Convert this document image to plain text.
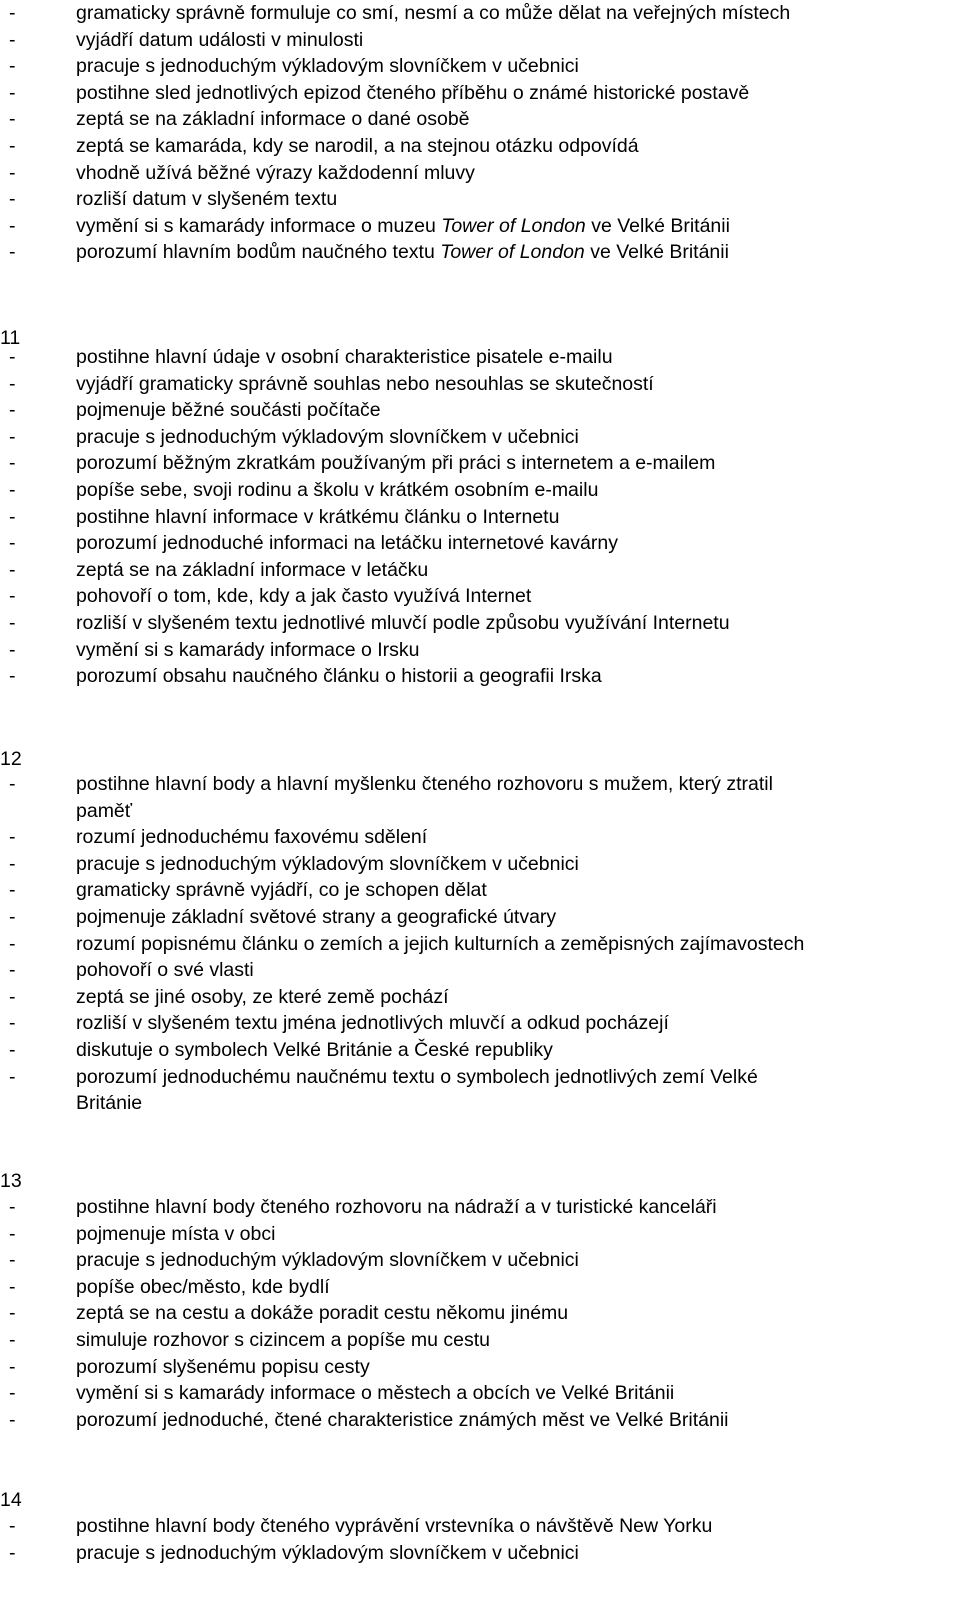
-	gramaticky správně formuluje co smí, nesmí a co může dělat na veřejných místech
-	vyjádří datum události v minulosti
-	pracuje s jednoduchým výkladovým slovníčkem v učebnici
-	postihne sled jednotlivých epizod čteného příběhu o známé historické postavě
-	zeptá se na základní informace o dané osobě
-	zeptá se kamaráda, kdy se narodil, a na stejnou otázku odpovídá
-	vhodně užívá běžné výrazy každodenní mluvy
-	rozliší datum v slyšeném textu
-	vymění si s kamarády informace o muzeu Tower of London ve Velké Británii
-	porozumí hlavním bodům naučného textu Tower of London ve Velké Británii
11
-	postihne hlavní údaje v osobní charakteristice pisatele e-mailu
-	vyjádří gramaticky správně souhlas nebo nesouhlas se skutečností
-	pojmenuje běžné součásti počítače
-	pracuje s jednoduchým výkladovým slovníčkem v učebnici
-	porozumí běžným zkratkám používaným při práci s internetem a e-mailem
-	popíše sebe, svoji rodinu a školu v krátkém osobním e-mailu
-	postihne hlavní informace v krátkému článku o Internetu
-	porozumí jednoduché informaci na letáčku internetové kavárny
-	zeptá se na základní informace v letáčku
-	pohovoří o tom, kde, kdy a jak často využívá Internet
-	rozliší v slyšeném textu jednotlivé mluvčí podle způsobu využívání Internetu
-	vymění si s kamarády informace o Irsku
-	porozumí obsahu naučného článku o historii a geografii Irska
12
-	postihne hlavní body a hlavní myšlenku čteného rozhovoru s mužem, který ztratil
paměť
-	rozumí jednoduchému faxovému sdělení
-	pracuje s jednoduchým výkladovým slovníčkem v učebnici
-	gramaticky správně vyjádří, co je schopen dělat
-	pojmenuje základní světové strany a geografické útvary
-	rozumí popisnému článku o zemích a jejich kulturních a zeměpisných zajímavostech
-	pohovoří o své vlasti
-	zeptá se jiné osoby, ze které země pochází
-	rozliší v slyšeném textu jména jednotlivých mluvčí a odkud pocházejí
-	diskutuje o symbolech Velké Británie a České republiky
-	porozumí jednoduchému naučnému textu o symbolech jednotlivých zemí Velké
Británie
13
-	postihne hlavní body čteného rozhovoru na nádraží a v turistické kanceláři
-	pojmenuje místa v obci
-	pracuje s jednoduchým výkladovým slovníčkem v učebnici
-	popíše obec/město, kde bydlí
-	zeptá se na cestu a dokáže poradit cestu někomu jinému
-	simuluje rozhovor s cizincem a popíše mu cestu
-	porozumí slyšenému popisu cesty
-	vymění si s kamarády informace o městech a obcích ve Velké Británii
-	porozumí jednoduché, čtené charakteristice známých měst ve Velké Británii
14
-	postihne hlavní body čteného vyprávění vrstevníka o návštěvě New Yorku
-	pracuje s jednoduchým výkladovým slovníčkem v učebnici
